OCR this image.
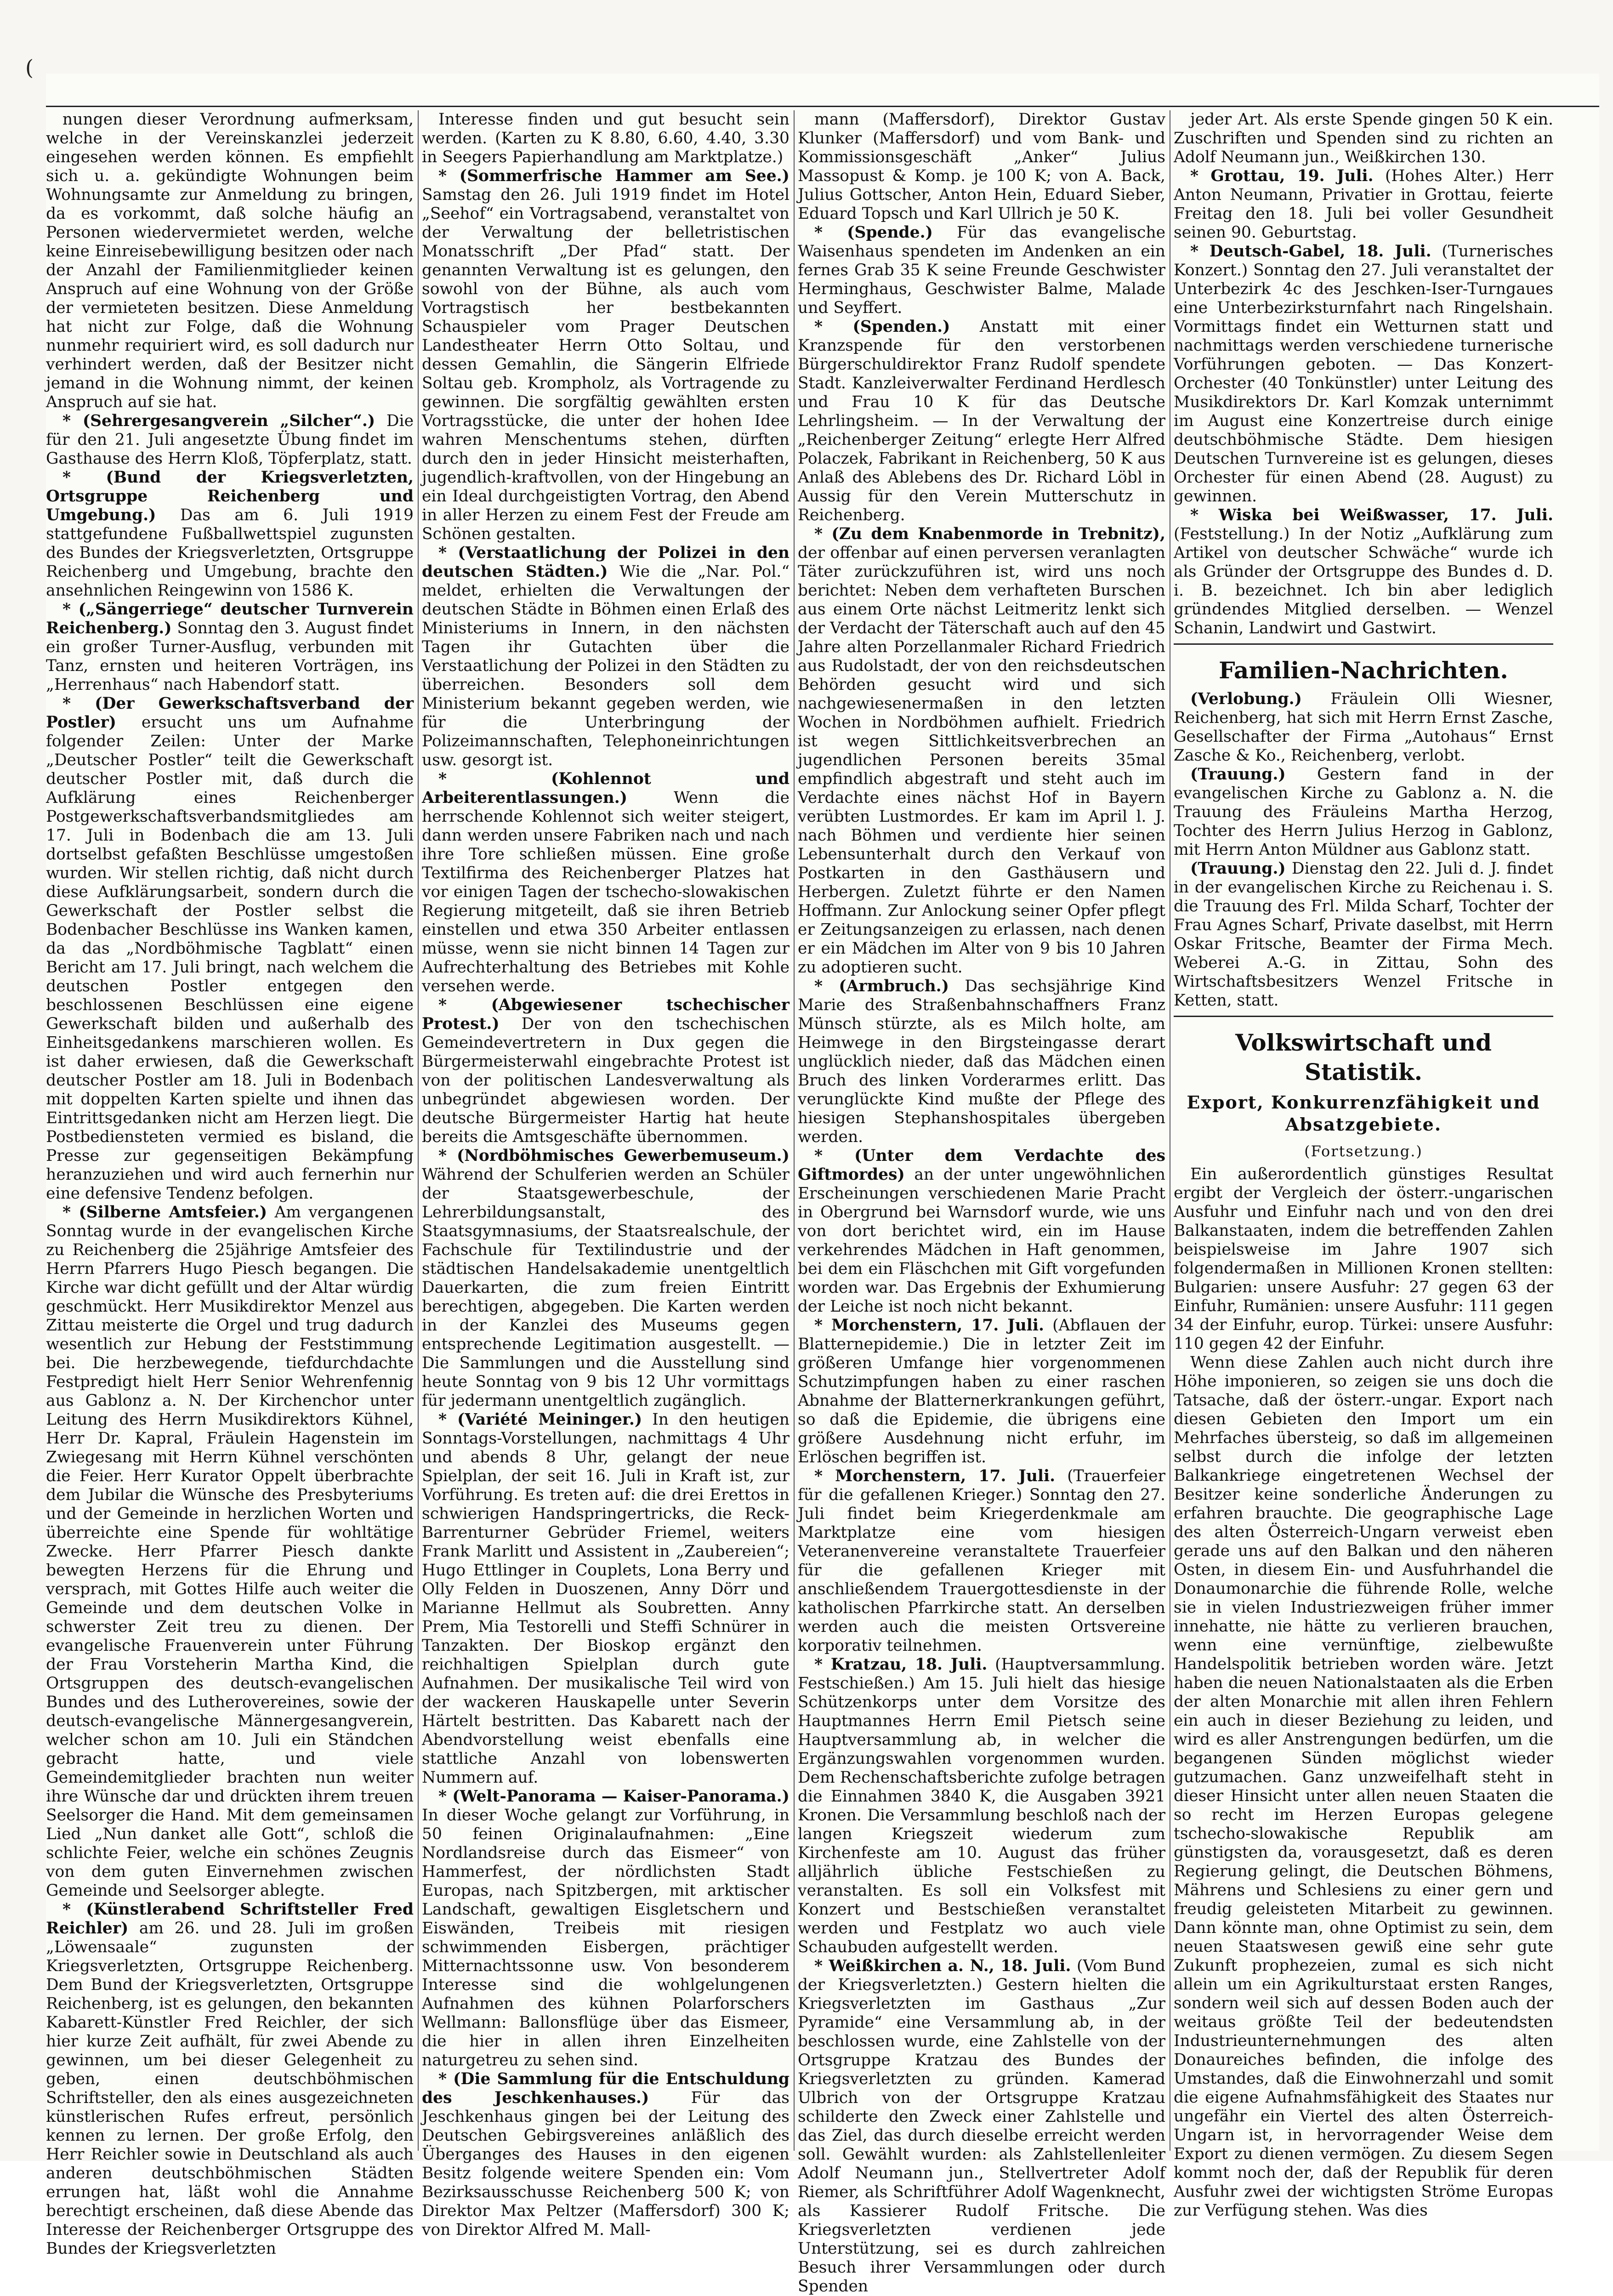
(

nungen dieser Verordnung aufmerksam, welche in der Vereinskanzlei jederzeit eingesehen werden können. Es empfiehlt sich u. a. gekündigte Wohnungen beim Wohnungsamte zur Anmeldung zu bringen, da es vorkommt, daß solche häufig an Personen wiedervermietet werden, welche keine Einreisebewilligung besitzen oder nach der Anzahl der Familienmitglieder keinen Anspruch auf eine Wohnung von der Größe der vermieteten besitzen. Diese Anmeldung hat nicht zur Folge, daß die Wohnung nunmehr requiriert wird, es soll dadurch nur verhindert werden, daß der Besitzer nicht jemand in die Wohnung nimmt, der keinen Anspruch auf sie hat.

* (Sehrergesangverein „Silcher“.) Die für den 21. Juli angesetzte Übung findet im Gasthause des Herrn Kloß, Töpferplatz, statt.

* (Bund der Kriegsverletzten, Ortsgruppe Reichenberg und Umgebung.) Das am 6. Juli 1919 stattgefundene Fußballwettspiel zugunsten des Bundes der Kriegsverletzten, Ortsgruppe Reichenberg und Umgebung, brachte den ansehnlichen Reingewinn von 1586 K.

* („Sängerriege“ deutscher Turnverein Reichenberg.) Sonntag den 3. August findet ein großer Turner-Ausflug, verbunden mit Tanz, ernsten und heiteren Vorträgen, ins „Herrenhaus“ nach Habendorf statt.

* (Der Gewerkschaftsverband der Postler) ersucht uns um Aufnahme folgender Zeilen: Unter der Marke „Deutscher Postler“ teilt die Gewerkschaft deutscher Postler mit, daß durch die Aufklärung eines Reichenberger Postgewerkschaftsverbandsmitgliedes am 17. Juli in Bodenbach die am 13. Juli dortselbst gefaßten Beschlüsse umgestoßen wurden. Wir stellen richtig, daß nicht durch diese Aufklärungsarbeit, sondern durch die Gewerkschaft der Postler selbst die Bodenbacher Beschlüsse ins Wanken kamen, da das „Nordböhmische Tagblatt“ einen Bericht am 17. Juli bringt, nach welchem die deutschen Postler entgegen den beschlossenen Beschlüssen eine eigene Gewerkschaft bilden und außerhalb des Einheitsgedankens marschieren wollen. Es ist daher erwiesen, daß die Gewerkschaft deutscher Postler am 18. Juli in Bodenbach mit doppelten Karten spielte und ihnen das Eintrittsgedanken nicht am Herzen liegt. Die Postbediensteten vermied es bisland, die Presse zur gegenseitigen Bekämpfung heranzuziehen und wird auch fernerhin nur eine defensive Tendenz befolgen.

* (Silberne Amtsfeier.) Am vergangenen Sonntag wurde in der evangelischen Kirche zu Reichenberg die 25jährige Amtsfeier des Herrn Pfarrers Hugo Piesch begangen. Die Kirche war dicht gefüllt und der Altar würdig geschmückt. Herr Musikdirektor Menzel aus Zittau meisterte die Orgel und trug dadurch wesentlich zur Hebung der Feststimmung bei. Die herzbewegende, tiefdurchdachte Festpredigt hielt Herr Senior Wehrenfennig aus Gablonz a. N. Der Kirchenchor unter Leitung des Herrn Musikdirektors Kühnel, Herr Dr. Kapral, Fräulein Hagenstein im Zwiegesang mit Herrn Kühnel verschönten die Feier. Herr Kurator Oppelt überbrachte dem Jubilar die Wünsche des Presbyteriums und der Gemeinde in herzlichen Worten und überreichte eine Spende für wohltätige Zwecke. Herr Pfarrer Piesch dankte bewegten Herzens für die Ehrung und versprach, mit Gottes Hilfe auch weiter die Gemeinde und dem deutschen Volke in schwerster Zeit treu zu dienen. Der evangelische Frauenverein unter Führung der Frau Vorsteherin Martha Kind, die Ortsgruppen des deutsch-evangelischen Bundes und des Lutherovereines, sowie der deutsch-evangelische Männergesangverein, welcher schon am 10. Juli ein Ständchen gebracht hatte, und viele Gemeindemitglieder brachten nun weiter ihre Wünsche dar und drückten ihrem treuen Seelsorger die Hand. Mit dem gemeinsamen Lied „Nun danket alle Gott“, schloß die schlichte Feier, welche ein schönes Zeugnis von dem guten Einvernehmen zwischen Gemeinde und Seelsorger ablegte.

* (Künstlerabend Schriftsteller Fred Reichler) am 26. und 28. Juli im großen „Löwensaale“ zugunsten der Kriegsverletzten, Ortsgruppe Reichenberg. Dem Bund der Kriegsverletzten, Ortsgruppe Reichenberg, ist es gelungen, den bekannten Kabarett-Künstler Fred Reichler, der sich hier kurze Zeit aufhält, für zwei Abende zu gewinnen, um bei dieser Gelegenheit zu geben, einen deutschböhmischen Schriftsteller, den als eines ausgezeichneten künstlerischen Rufes erfreut, persönlich kennen zu lernen. Der große Erfolg, den Herr Reichler sowie in Deutschland als auch anderen deutschböhmischen Städten errungen hat, läßt wohl die Annahme berechtigt erscheinen, daß diese Abende das Interesse der Reichenberger Ortsgruppe des Bundes der Kriegsverletzten

Interesse finden und gut besucht sein werden. (Karten zu K 8.80, 6.60, 4.40, 3.30 in Seegers Papierhandlung am Marktplatze.)

* (Sommerfrische Hammer am See.) Samstag den 26. Juli 1919 findet im Hotel „Seehof“ ein Vortragsabend, veranstaltet von der Verwaltung der belletristischen Monatsschrift „Der Pfad“ statt. Der genannten Verwaltung ist es gelungen, den sowohl von der Bühne, als auch vom Vortragstisch her bestbekannten Schauspieler vom Prager Deutschen Landestheater Herrn Otto Soltau, und dessen Gemahlin, die Sängerin Elfriede Soltau geb. Krompholz, als Vortragende zu gewinnen. Die sorgfältig gewählten ersten Vortragsstücke, die unter der hohen Idee wahren Menschentums stehen, dürften durch den in jeder Hinsicht meisterhaften, jugendlich-kraftvollen, von der Hingebung an ein Ideal durchgeistigten Vortrag, den Abend in aller Herzen zu einem Fest der Freude am Schönen gestalten.

* (Verstaatlichung der Polizei in den deutschen Städten.) Wie die „Nar. Pol.“ meldet, erhielten die Verwaltungen der deutschen Städte in Böhmen einen Erlaß des Ministeriums in Innern, in den nächsten Tagen ihr Gutachten über die Verstaatlichung der Polizei in den Städten zu überreichen. Besonders soll dem Ministerium bekannt gegeben werden, wie für die Unterbringung der Polizeimannschaften, Telephoneinrichtungen usw. gesorgt ist.

* (Kohlennot und Arbeiterentlassungen.) Wenn die herrschende Kohlennot sich weiter steigert, dann werden unsere Fabriken nach und nach ihre Tore schließen müssen. Eine große Textilfirma des Reichenberger Platzes hat vor einigen Tagen der tschecho-slowakischen Regierung mitgeteilt, daß sie ihren Betrieb einstellen und etwa 350 Arbeiter entlassen müsse, wenn sie nicht binnen 14 Tagen zur Aufrechterhaltung des Betriebes mit Kohle versehen werde.

* (Abgewiesener tschechischer Protest.) Der von den tschechischen Gemeindevertretern in Dux gegen die Bürgermeisterwahl eingebrachte Protest ist von der politischen Landesverwaltung als unbegründet abgewiesen worden. Der deutsche Bürgermeister Hartig hat heute bereits die Amtsgeschäfte übernommen.

* (Nordböhmisches Gewerbemuseum.) Während der Schulferien werden an Schüler der Staatsgewerbeschule, der Lehrerbildungsanstalt, des Staatsgymnasiums, der Staatsrealschule, der Fachschule für Textilindustrie und der städtischen Handelsakademie unentgeltlich Dauerkarten, die zum freien Eintritt berechtigen, abgegeben. Die Karten werden in der Kanzlei des Museums gegen entsprechende Legitimation ausgestellt. — Die Sammlungen und die Ausstellung sind heute Sonntag von 9 bis 12 Uhr vormittags für jedermann unentgeltlich zugänglich.

* (Variété Meininger.) In den heutigen Sonntags-Vorstellungen, nachmittags 4 Uhr und abends 8 Uhr, gelangt der neue Spielplan, der seit 16. Juli in Kraft ist, zur Vorführung. Es treten auf: die drei Erettos in schwierigen Handspringertricks, die Reck-Barrenturner Gebrüder Friemel, weiters Frank Marlitt und Assistent in „Zaubereien“; Hugo Ettlinger in Couplets, Lona Berry und Olly Felden in Duoszenen, Anny Dörr und Marianne Hellmut als Soubretten. Anny Prem, Mia Testorelli und Steffi Schnürer in Tanzakten. Der Bioskop ergänzt den reichhaltigen Spielplan durch gute Aufnahmen. Der musikalische Teil wird von der wackeren Hauskapelle unter Severin Härtelt bestritten. Das Kabarett nach der Abendvorstellung weist ebenfalls eine stattliche Anzahl von lobenswerten Nummern auf.

* (Welt-Panorama — Kaiser-Panorama.) In dieser Woche gelangt zur Vorführung, in 50 feinen Originalaufnahmen: „Eine Nordlandsreise durch das Eismeer“ von Hammerfest, der nördlichsten Stadt Europas, nach Spitzbergen, mit arktischer Landschaft, gewaltigen Eisgletschern und Eiswänden, Treibeis mit riesigen schwimmenden Eisbergen, prächtiger Mitternachtssonne usw. Von besonderem Interesse sind die wohlgelungenen Aufnahmen des kühnen Polarforschers Wellmann: Ballonsflüge über das Eismeer, die hier in allen ihren Einzelheiten naturgetreu zu sehen sind.

* (Die Sammlung für die Entschuldung des Jeschkenhauses.) Für das Jeschkenhaus gingen bei der Leitung des Deutschen Gebirgsvereines anläßlich des Überganges des Hauses in den eigenen Besitz folgende weitere Spenden ein: Vom Bezirksausschusse Reichenberg 500 K; von Direktor Max Peltzer (Maffersdorf) 300 K; von Direktor Alfred M. Mall-

mann (Maffersdorf), Direktor Gustav Klunker (Maffersdorf) und vom Bank- und Kommissionsgeschäft „Anker“ Julius Massopust & Komp. je 100 K; von A. Back, Julius Gottscher, Anton Hein, Eduard Sieber, Eduard Topsch und Karl Ullrich je 50 K.

* (Spende.) Für das evangelische Waisenhaus spendeten im Andenken an ein fernes Grab 35 K seine Freunde Geschwister Herminghaus, Geschwister Balme, Malade und Seyffert.

* (Spenden.) Anstatt mit einer Kranzspende für den verstorbenen Bürgerschuldirektor Franz Rudolf spendete Stadt. Kanzleiverwalter Ferdinand Herdlesch und Frau 10 K für das Deutsche Lehrlingsheim. — In der Verwaltung der „Reichenberger Zeitung“ erlegte Herr Alfred Polaczek, Fabrikant in Reichenberg, 50 K aus Anlaß des Ablebens des Dr. Richard Löbl in Aussig für den Verein Mutterschutz in Reichenberg.

* (Zu dem Knabenmorde in Trebnitz), der offenbar auf einen perversen veranlagten Täter zurückzuführen ist, wird uns noch berichtet: Neben dem verhafteten Burschen aus einem Orte nächst Leitmeritz lenkt sich der Verdacht der Täterschaft auch auf den 45 Jahre alten Porzellanmaler Richard Friedrich aus Rudolstadt, der von den reichsdeutschen Behörden gesucht wird und sich nachgewiesenermaßen in den letzten Wochen in Nordböhmen aufhielt. Friedrich ist wegen Sittlichkeitsverbrechen an jugendlichen Personen bereits 35mal empfindlich abgestraft und steht auch im Verdachte eines nächst Hof in Bayern verübten Lustmordes. Er kam im April l. J. nach Böhmen und verdiente hier seinen Lebensunterhalt durch den Verkauf von Postkarten in den Gasthäusern und Herbergen. Zuletzt führte er den Namen Hoffmann. Zur Anlockung seiner Opfer pflegt er Zeitungsanzeigen zu erlassen, nach denen er ein Mädchen im Alter von 9 bis 10 Jahren zu adoptieren sucht.

* (Armbruch.) Das sechsjährige Kind Marie des Straßenbahnschaffners Franz Münsch stürzte, als es Milch holte, am Heimwege in den Birgsteingasse derart unglücklich nieder, daß das Mädchen einen Bruch des linken Vorderarmes erlitt. Das verunglückte Kind mußte der Pflege des hiesigen Stephanshospitales übergeben werden.

* (Unter dem Verdachte des Giftmordes) an der unter ungewöhnlichen Erscheinungen verschiedenen Marie Pracht in Obergrund bei Warnsdorf wurde, wie uns von dort berichtet wird, ein im Hause verkehrendes Mädchen in Haft genommen, bei dem ein Fläschchen mit Gift vorgefunden worden war. Das Ergebnis der Exhumierung der Leiche ist noch nicht bekannt.

* Morchenstern, 17. Juli. (Abflauen der Blatternepidemie.) Die in letzter Zeit im größeren Umfange hier vorgenommenen Schutzimpfungen haben zu einer raschen Abnahme der Blatternerkrankungen geführt, so daß die Epidemie, die übrigens eine größere Ausdehnung nicht erfuhr, im Erlöschen begriffen ist.

* Morchenstern, 17. Juli. (Trauerfeier für die gefallenen Krieger.) Sonntag den 27. Juli findet beim Kriegerdenkmale am Marktplatze eine vom hiesigen Veteranenvereine veranstaltete Trauerfeier für die gefallenen Krieger mit anschließendem Trauergottesdienste in der katholischen Pfarrkirche statt. An derselben werden auch die meisten Ortsvereine korporativ teilnehmen.

* Kratzau, 18. Juli. (Hauptversammlung. Festschießen.) Am 15. Juli hielt das hiesige Schützenkorps unter dem Vorsitze des Hauptmannes Herrn Emil Pietsch seine Hauptversammlung ab, in welcher die Ergänzungswahlen vorgenommen wurden. Dem Rechenschaftsberichte zufolge betragen die Einnahmen 3840 K, die Ausgaben 3921 Kronen. Die Versammlung beschloß nach der langen Kriegszeit wiederum zum Kirchenfeste am 10. August das früher alljährlich übliche Festschießen zu veranstalten. Es soll ein Volksfest mit Konzert und Bestschießen veranstaltet werden und Festplatz wo auch viele Schaubuden aufgestellt werden.

* Weißkirchen a. N., 18. Juli. (Vom Bund der Kriegsverletzten.) Gestern hielten die Kriegsverletzten im Gasthaus „Zur Pyramide“ eine Versammlung ab, in der beschlossen wurde, eine Zahlstelle von der Ortsgruppe Kratzau des Bundes der Kriegsverletzten zu gründen. Kamerad Ulbrich von der Ortsgruppe Kratzau schilderte den Zweck einer Zahlstelle und das Ziel, das durch dieselbe erreicht werden soll. Gewählt wurden: als Zahlstellenleiter Adolf Neumann jun., Stellvertreter Adolf Riemer, als Schriftführer Adolf Wagenknecht, als Kassierer Rudolf Fritsche. Die Kriegsverletzten verdienen jede Unterstützung, sei es durch zahlreichen Besuch ihrer Versammlungen oder durch Spenden

jeder Art. Als erste Spende gingen 50 K ein. Zuschriften und Spenden sind zu richten an Adolf Neumann jun., Weißkirchen 130.

* Grottau, 19. Juli. (Hohes Alter.) Herr Anton Neumann, Privatier in Grottau, feierte Freitag den 18. Juli bei voller Gesundheit seinen 90. Geburtstag.

* Deutsch-Gabel, 18. Juli. (Turnerisches Konzert.) Sonntag den 27. Juli veranstaltet der Unterbezirk 4c des Jeschken-Iser-Turngaues eine Unterbezirksturnfahrt nach Ringelshain. Vormittags findet ein Wetturnen statt und nachmittags werden verschiedene turnerische Vorführungen geboten. — Das Konzert-Orchester (40 Tonkünstler) unter Leitung des Musikdirektors Dr. Karl Komzak unternimmt im August eine Konzertreise durch einige deutschböhmische Städte. Dem hiesigen Deutschen Turnvereine ist es gelungen, dieses Orchester für einen Abend (28. August) zu gewinnen.

* Wiska bei Weißwasser, 17. Juli. (Feststellung.) In der Notiz „Aufklärung zum Artikel von deutscher Schwäche“ wurde ich als Gründer der Ortsgruppe des Bundes d. D. i. B. bezeichnet. Ich bin aber lediglich gründendes Mitglied derselben. — Wenzel Schanin, Landwirt und Gastwirt.

Familien-Nachrichten.

(Verlobung.) Fräulein Olli Wiesner, Reichenberg, hat sich mit Herrn Ernst Zasche, Gesellschafter der Firma „Autohaus“ Ernst Zasche & Ko., Reichenberg, verlobt.

(Trauung.) Gestern fand in der evangelischen Kirche zu Gablonz a. N. die Trauung des Fräuleins Martha Herzog, Tochter des Herrn Julius Herzog in Gablonz, mit Herrn Anton Müldner aus Gablonz statt.

(Trauung.) Dienstag den 22. Juli d. J. findet in der evangelischen Kirche zu Reichenau i. S. die Trauung des Frl. Milda Scharf, Tochter der Frau Agnes Scharf, Private daselbst, mit Herrn Oskar Fritsche, Beamter der Firma Mech. Weberei A.-G. in Zittau, Sohn des Wirtschaftsbesitzers Wenzel Fritsche in Ketten, statt.

Volkswirtschaft und Statistik.
Export, Konkurrenzfähigkeit und Absatzgebiete.
(Fortsetzung.)

Ein außerordentlich günstiges Resultat ergibt der Vergleich der österr.-ungarischen Ausfuhr und Einfuhr nach und von den drei Balkanstaaten, indem die betreffenden Zahlen beispielsweise im Jahre 1907 sich folgendermaßen in Millionen Kronen stellten: Bulgarien: unsere Ausfuhr: 27 gegen 63 der Einfuhr, Rumänien: unsere Ausfuhr: 111 gegen 34 der Einfuhr, europ. Türkei: unsere Ausfuhr: 110 gegen 42 der Einfuhr.

Wenn diese Zahlen auch nicht durch ihre Höhe imponieren, so zeigen sie uns doch die Tatsache, daß der österr.-ungar. Export nach diesen Gebieten den Import um ein Mehrfaches übersteig, so daß im allgemeinen selbst durch die infolge der letzten Balkankriege eingetretenen Wechsel der Besitzer keine sonderliche Änderungen zu erfahren brauchte. Die geographische Lage des alten Österreich-Ungarn verweist eben gerade uns auf den Balkan und den näheren Osten, in diesem Ein- und Ausfuhrhandel die Donaumonarchie die führende Rolle, welche sie in vielen Industriezweigen früher immer innehatte, nie hätte zu verlieren brauchen, wenn eine vernünftige, zielbewußte Handelspolitik betrieben worden wäre. Jetzt haben die neuen Nationalstaaten als die Erben der alten Monarchie mit allen ihren Fehlern ein auch in dieser Beziehung zu leiden, und wird es aller Anstrengungen bedürfen, um die begangenen Sünden möglichst wieder gutzumachen. Ganz unzweifelhaft steht in dieser Hinsicht unter allen neuen Staaten die so recht im Herzen Europas gelegene tschecho-slowakische Republik am günstigsten da, vorausgesetzt, daß es deren Regierung gelingt, die Deutschen Böhmens, Mährens und Schlesiens zu einer gern und freudig geleisteten Mitarbeit zu gewinnen. Dann könnte man, ohne Optimist zu sein, dem neuen Staatswesen gewiß eine sehr gute Zukunft prophezeien, zumal es sich nicht allein um ein Agrikulturstaat ersten Ranges, sondern weil sich auf dessen Boden auch der weitaus größte Teil der bedeutendsten Industrieunternehmungen des alten Donaureiches befinden, die infolge des Umstandes, daß die Einwohnerzahl und somit die eigene Aufnahmsfähigkeit des Staates nur ungefähr ein Viertel des alten Österreich-Ungarn ist, in hervorragender Weise dem Export zu dienen vermögen. Zu diesem Segen kommt noch der, daß der Republik für deren Ausfuhr zwei der wichtigsten Ströme Europas zur Verfügung stehen. Was dies
